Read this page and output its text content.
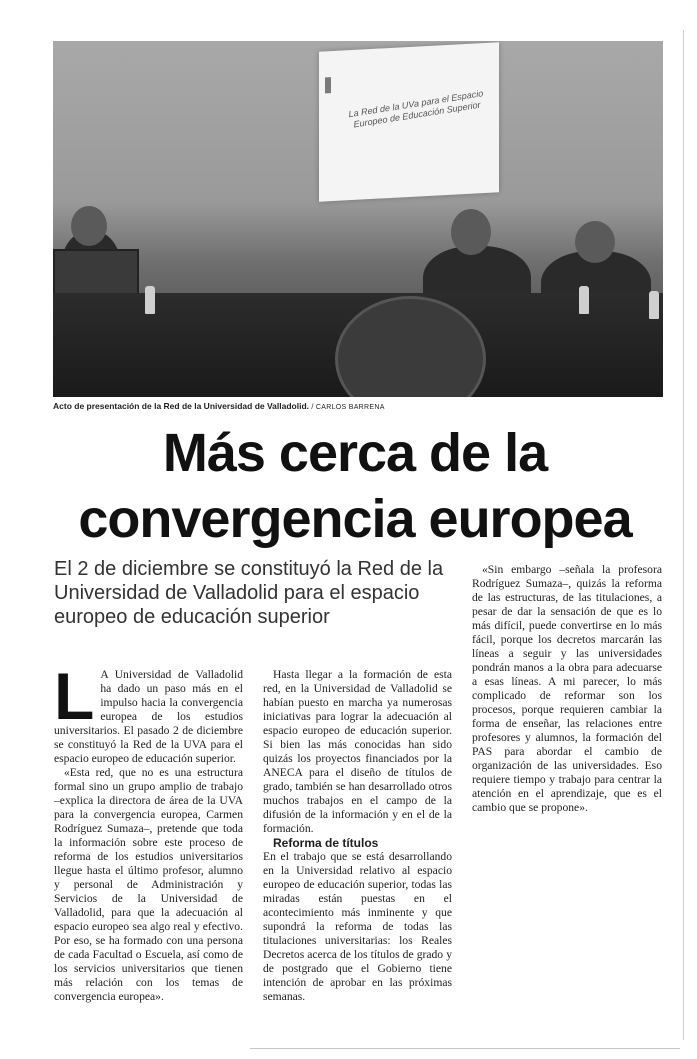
La Red de la UVa para el Espacio Europeo de Educación Superior
Acto de presentación de la Red de la Universidad de Valladolid. / CARLOS BARRENA
Más cerca de la
convergencia europea
El 2 de diciembre se constituyó la Red de la Universidad de Valladolid para el espacio europeo de educación superior

L A Universidad de Valladolid ha dado un paso más en el impulso hacia la convergencia europea de los estudios universitarios. El pasado 2 de diciembre se constituyó la Red de la UVA para el espacio europeo de educación superior.

«Esta red, que no es una estructura formal sino un grupo amplio de trabajo –explica la directora de área de la UVA para la convergencia europea, Carmen Rodríguez Sumaza–, pretende que toda la información sobre este proceso de reforma de los estudios universitarios llegue hasta el último profesor, alumno y personal de Administración y Servicios de la Universidad de Valladolid, para que la adecuación al espacio europeo sea algo real y efectivo. Por eso, se ha formado con una persona de cada Facultad o Escuela, así como de los servicios universitarios que tienen más relación con los temas de convergencia europea».

Hasta llegar a la formación de esta red, en la Universidad de Valladolid se habían puesto en marcha ya numerosas iniciativas para lograr la adecuación al espacio europeo de educación superior. Si bien las más conocidas han sido quizás los proyectos financiados por la ANECA para el diseño de títulos de grado, también se han desarrollado otros muchos trabajos en el campo de la difusión de la información y en el de la formación.

Reforma de títulos

En el trabajo que se está desarrollando en la Universidad relativo al espacio europeo de educación superior, todas las miradas están puestas en el acontecimiento más inminente y que supondrá la reforma de todas las titulaciones universitarias: los Reales Decretos acerca de los títulos de grado y de postgrado que el Gobierno tiene intención de aprobar en las próximas semanas.

«Sin embargo –señala la profesora Rodríguez Sumaza–, quizás la reforma de las estructuras, de las titulaciones, a pesar de dar la sensación de que es lo más difícil, puede convertirse en lo más fácil, porque los decretos marcarán las líneas a seguir y las universidades pondrán manos a la obra para adecuarse a esas líneas. A mi parecer, lo más complicado de reformar son los procesos, porque requieren cambiar la forma de enseñar, las relaciones entre profesores y alumnos, la formación del PAS para abordar el cambio de organización de las universidades. Eso requiere tiempo y trabajo para centrar la atención en el aprendizaje, que es el cambio que se propone».
